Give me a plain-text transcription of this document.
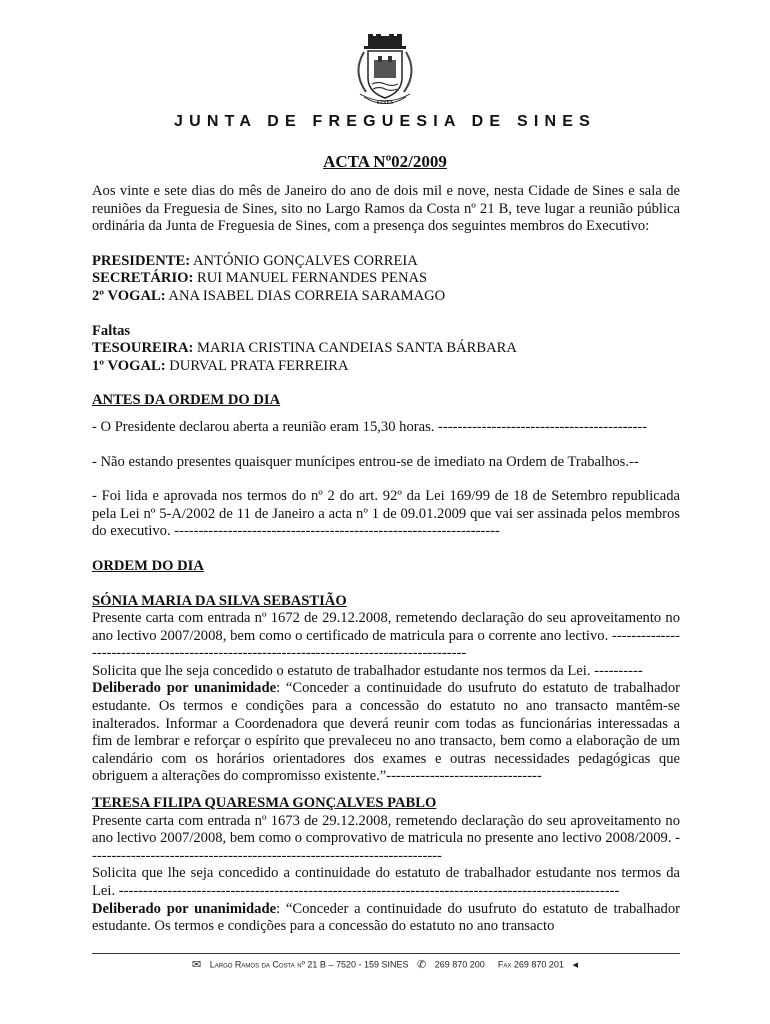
SINES
JUNTA DE FREGUESIA DE SINES
ACTA Nº02/2009

Aos vinte e sete dias do mês de Janeiro do ano de dois mil e nove, nesta Cidade de Sines e sala de reuniões da Freguesia de Sines, sito no Largo Ramos da Costa nº 21 B, teve lugar a reunião pública ordinária da Junta de Freguesia de Sines, com a presença dos seguintes membros do Executivo:

PRESIDENTE: ANTÓNIO GONÇALVES CORREIA

SECRETÁRIO: RUI MANUEL FERNANDES PENAS

2º VOGAL: ANA ISABEL DIAS CORREIA SARAMAGO

Faltas

TESOUREIRA: MARIA CRISTINA CANDEIAS SANTA BÁRBARA

1º VOGAL: DURVAL PRATA FERREIRA

ANTES DA ORDEM DO DIA

- O Presidente declarou aberta a reunião eram 15,30 horas. -------------------------------------------

- Não estando presentes quaisquer munícipes entrou-se de imediato na Ordem de Trabalhos.--

- Foi lida e aprovada nos termos do nº 2 do art. 92º da Lei 169/99 de 18 de Setembro republicada pela Lei nº 5-A/2002 de 11 de Janeiro a acta nº 1 de 09.01.2009 que vai ser assinada pelos membros do executivo. -------------------------------------------------------------------

ORDEM DO DIA

SÓNIA MARIA DA SILVA SEBASTIÃO

Presente carta com entrada nº 1672 de 29.12.2008, remetendo declaração do seu aproveitamento no ano lectivo 2007/2008, bem como o certificado de matricula para o corrente ano lectivo. -------------------------------------------------------------------------------------------

Solicita que lhe seja concedido o estatuto de trabalhador estudante nos termos da Lei. ----------

Deliberado por unanimidade: “Conceder a continuidade do usufruto do estatuto de trabalhador estudante. Os termos e condições para a concessão do estatuto no ano transacto mantêm-se inalterados. Informar a Coordenadora que deverá reunir com todas as funcionárias interessadas a fim de lembrar e reforçar o espírito que prevaleceu no ano transacto, bem como a elaboração de um calendário com os horários orientadores dos exames e outras necessidades pedagógicas que obriguem a alterações do compromisso existente.”--------------------------------

TERESA FILIPA QUARESMA GONÇALVES PABLO

Presente carta com entrada nº 1673 de 29.12.2008, remetendo declaração do seu aproveitamento no ano lectivo 2007/2008, bem como o comprovativo de matricula no presente ano lectivo 2008/2009. -------------------------------------------------------------------------

Solicita que lhe seja concedido a continuidade do estatuto de trabalhador estudante nos termos da Lei. -------------------------------------------------------------------------------------------------------

Deliberado por unanimidade: “Conceder a continuidade do usufruto do estatuto de trabalhador estudante. Os termos e condições para a concessão do estatuto no ano transacto

✉ Largo Ramos da Costa nº 21 B – 7520 - 159 SINES ✆ 269 870 200 Fax 269 870 201 ◂
